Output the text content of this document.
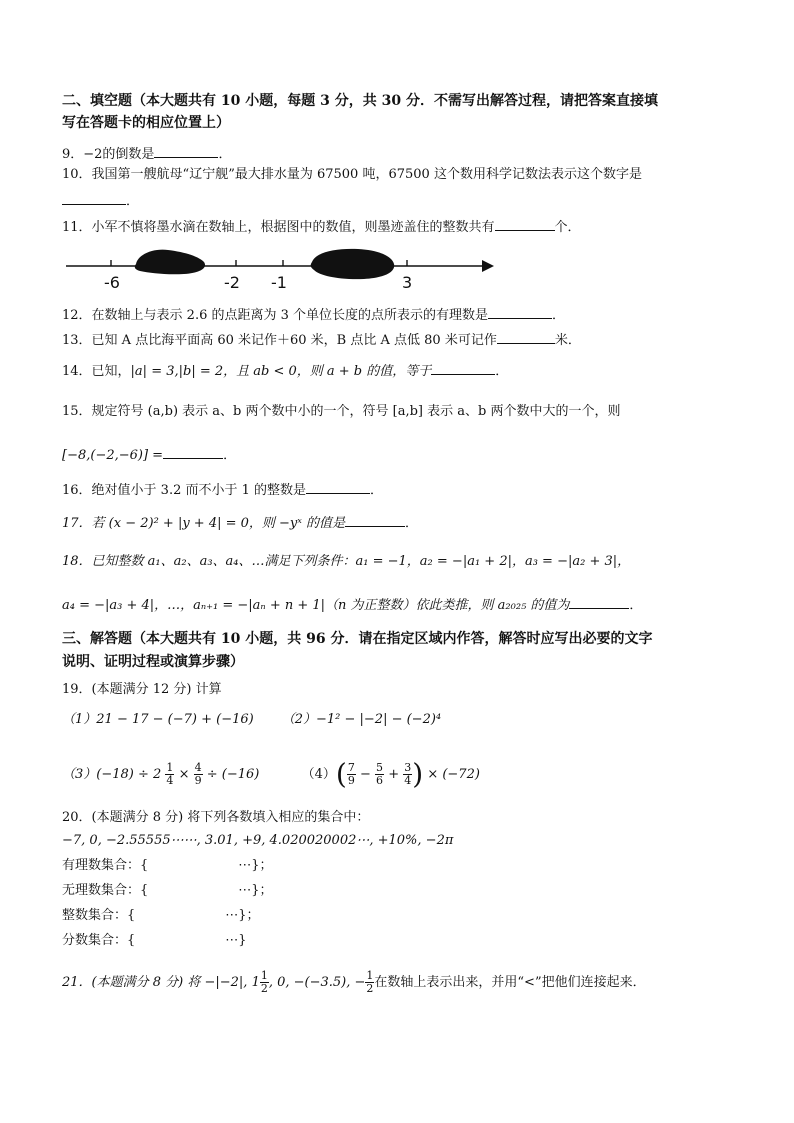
二、填空题（本大题共有 10 小题，每题 3 分，共 30 分．不需写出解答过程，请把答案直接填
写在答题卡的相应位置上）
9．−2的倒数是	．
10．我国第一艘航母“辽宁舰”最大排水量为 67500 吨，67500 这个数用科学记数法表示这个数字是
．
11．小军不慎将墨水滴在数轴上，根据图中的数值，则墨迹盖住的整数共有	个．
-6	-2 -1	3
12．在数轴上与表示 2.6 的点距离为 3 个单位长度的点所表示的有理数是	．
13．已知 A 点比海平面高 60 米记作＋60 米，B 点比 A 点低 80 米可记作	米．
14．已知，|a| = 3,|b| = 2，且 ab < 0，则 a + b 的值，等于	．
15．规定符号 (a,b) 表示 a、b 两个数中小的一个，符号 [a,b] 表示 a、b 两个数中大的一个，则
[−8,(−2,−6)] =	．
16．绝对值小于 3.2 而不小于 1 的整数是	．
17．若 (x − 2)² + |y + 4| = 0，则 −yˣ 的值是	．
18．已知整数 a₁、a₂、a₃、a₄、…满足下列条件：a₁ = −1，a₂ = −|a₁ + 2|，a₃ = −|a₂ + 3|，
a₄ = −|a₃ + 4|，…，aₙ₊₁ = −|aₙ + n + 1|（n 为正整数）依此类推，则 a₂₀₂₅ 的值为	．
三、解答题（本大题共有 10 小题，共 96 分．请在指定区域内作答，解答时应写出必要的文字
说明、证明过程或演算步骤）
19．(本题满分 12 分) 计算
（1）21 − 17 − (−7) + (−16) （2）−1² − |−2| − (−2)⁴
$(3)(-18) \div 2 \frac{1}{4} \times \frac{4}{9} \div (-16)$	$(4)( \frac{7}{9} - \frac{5}{6} + \frac{3}{4}$ ) × (−72)
20．(本题满分 8 分) 将下列各数填入相应的集合中：
−7, 0, −2.55555⋯⋯, 3.01, +9, 4.020020002⋯, +10%, −2π
有理数集合：{	⋯}；
无理数集合：{	⋯}；
整数集合：{	⋯}；
分数集合：{	⋯}
21．(本题满分 8 分) 将 −|−2|, $1 \frac{1}{2}$ , 0, −(−3.5), − $\frac{1}{2}$ 在数轴上表示出来，并用“<”把他们连接起来．
